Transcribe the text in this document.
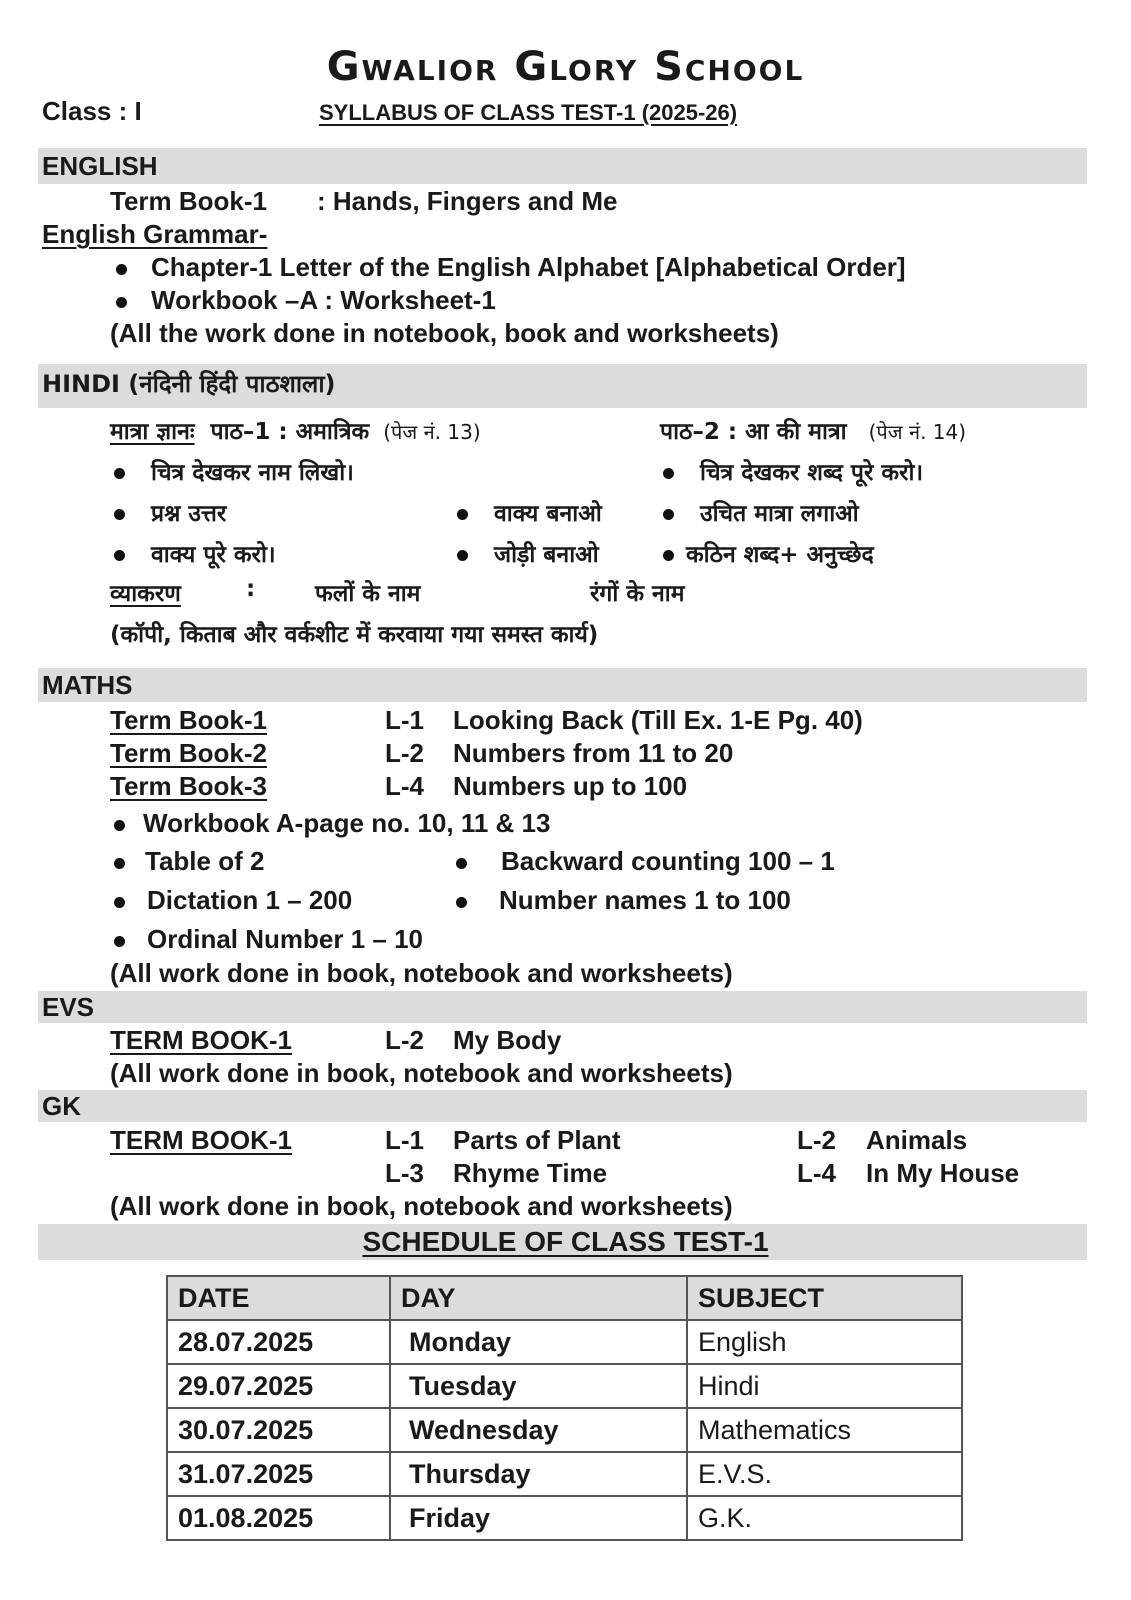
Gwalior Glory School
Class : I	SYLLABUS OF CLASS TEST-1 (2025-26)
ENGLISH
Term Book-1 : Hands, Fingers and Me
English Grammar-
Chapter-1 Letter of the English Alphabet [Alphabetical Order]
Workbook –A : Worksheet-1
(All the work done in notebook, book and worksheets)
HINDI (नंदिनी हिंदी पाठशाला)
मात्रा ज्ञानः पाठ–1 : अमात्रिक (पेज नं. 13)	पाठ–2 : आ की मात्रा (पेज नं. 14)
चित्र देखकर नाम लिखो।	चित्र देखकर शब्द पूरे करो।
प्रश्न उत्तर	वाक्य बनाओ	उचित मात्रा लगाओ
वाक्य पूरे करो।	जोड़ी बनाओ	कठिन शब्द+ अनुच्छेद
व्याकरण	:	फलों के नाम	रंगों के नाम
(कॉपी, किताब और वर्कशीट में करवाया गया समस्त कार्य)
MATHS
Term Book-1	L-1 Looking Back (Till Ex. 1-E Pg. 40)
Term Book-2	L-2 Numbers from 11 to 20
Term Book-3	L-4 Numbers up to 100
Workbook A-page no. 10, 11 & 13
Table of 2	Backward counting 100 – 1
Dictation 1 – 200	Number names 1 to 100
Ordinal Number 1 – 10
(All work done in book, notebook and worksheets)
EVS
TERM BOOK-1	L-2 My Body
(All work done in book, notebook and worksheets)
GK
TERM BOOK-1	L-1 Parts of Plant	L-2 Animals
L-3 Rhyme Time	L-4 In My House
(All work done in book, notebook and worksheets)
SCHEDULE OF CLASS TEST-1
DATE	DAY	SUBJECT
28.07.2025	Monday	English
29.07.2025	Tuesday	Hindi
30.07.2025	Wednesday	Mathematics
31.07.2025	Thursday	E.V.S.
01.08.2025	Friday	G.K.
